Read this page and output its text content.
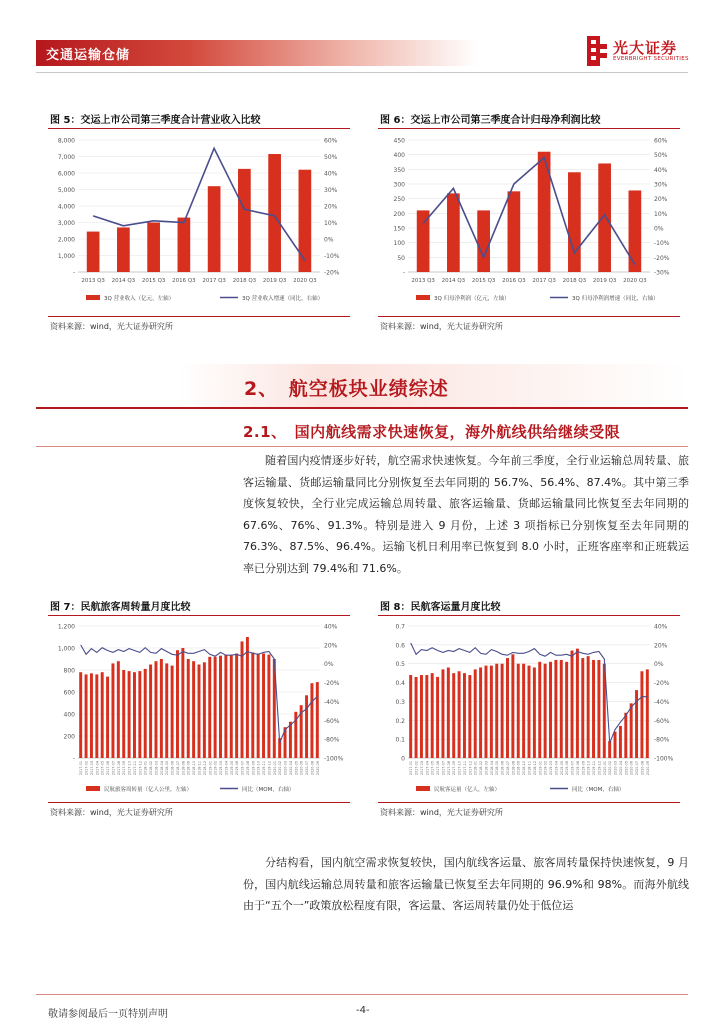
交通运输仓储	光大证券
EVERBRIGHT SECURITIES
图 5：交运上市公司第三季度合计营业收入比较
-
1,000
2,000
3,000
4,000
5,000
6,000
7,000
8,000
-20%
-10%
0%
10%
20%
30%
40%
50%
60%
2013 Q3 2014 Q3 2015 Q3 2016 Q3 2017 Q3 2018 Q3 2019 Q3 2020 Q3
3Q 营业收入（亿元，左轴）	3Q 营业收入增速（同比，右轴）
资料来源：wind，光大证券研究所
图 6：交运上市公司第三季度合计归母净利润比较
-
50
100
150
200
250
300
350
400
450
-30%
-20%
-10%
0%
10%
20%
30%
40%
50%
60%
2013 Q3 2014 Q3 2015 Q3 2016 Q3 2017 Q3 2018 Q3 2019 Q3 2020 Q3
3Q 归母净利润（亿元，左轴）	3Q 归母净利润增速（同比，右轴）
资料来源：wind，光大证券研究所
2、　航空板块业绩综述
2.1、　国内航线需求快速恢复，海外航线供给继续受限
随着国内疫情逐步好转，航空需求快速恢复。今年前三季度，全行业运输总周转量、旅客运输量、货邮运输量同比分别恢复至去年同期的 56.7%、56.4%、87.4%。其中第三季度恢复较快，全行业完成运输总周转量、旅客运输量、货邮运输量同比恢复至去年同期的 67.6%、76%、91.3%。特别是进入 9 月份，上述 3 项指标已分别恢复至去年同期的 76.3%、87.5%、96.4%。运输飞机日利用率已恢复到 8.0 小时，正班客座率和正班载运率已分别达到 79.4%和 71.6%。
图 7：民航旅客周转量月度比较
-
200
400
600
800
1,000
1,200
-100%
-80%
-60%
-40%
-20%
0%
20%
40%
2017-01 2017-02 2017-03 2017-04 2017-05 2017-06 2017-07 2017-08 2017-09 2017-10 2017-11 2017-12 2018-01 2018-02 2018-03 2018-04 2018-05 2018-06 2018-07 2018-08 2018-09 2018-10 2018-11 2018-12 2019-01 2019-02 2019-03 2019-04 2019-05 2019-06 2019-07 2019-08 2019-09 2019-10 2019-11 2019-12 2020-01 2020-02 2020-03 2020-04 2020-05 2020-06 2020-07 2020-08 2020-09
民航旅客周转量（亿人公里，左轴）	同比（MOM，右轴）
资料来源：wind，光大证券研究所
图 8：民航客运量月度比较
0
0.1
0.2
0.3
0.4
0.5
0.6
0.7
-100%
-80%
-60%
-40%
-20%
0%
20%
40%
2017-01 2017-02 2017-03 2017-04 2017-05 2017-06 2017-07 2017-08 2017-09 2017-10 2017-11 2017-12 2018-01 2018-02 2018-03 2018-04 2018-05 2018-06 2018-07 2018-08 2018-09 2018-10 2018-11 2018-12 2019-01 2019-02 2019-03 2019-04 2019-05 2019-06 2019-07 2019-08 2019-09 2019-10 2019-11 2019-12 2020-01 2020-02 2020-03 2020-04 2020-05 2020-06 2020-07 2020-08 2020-09
民航客运量（亿人，左轴）	同比（MOM，右轴）
资料来源：wind，光大证券研究所
分结构看，国内航空需求恢复较快，国内航线客运量、旅客周转量保持快速恢复，9 月份，国内航线运输总周转量和旅客运输量已恢复至去年同期的 96.9%和 98%。而海外航线由于“五个一”政策放松程度有限，客运量、客运周转量仍处于低位运
敬请参阅最后一页特别声明	-4-
